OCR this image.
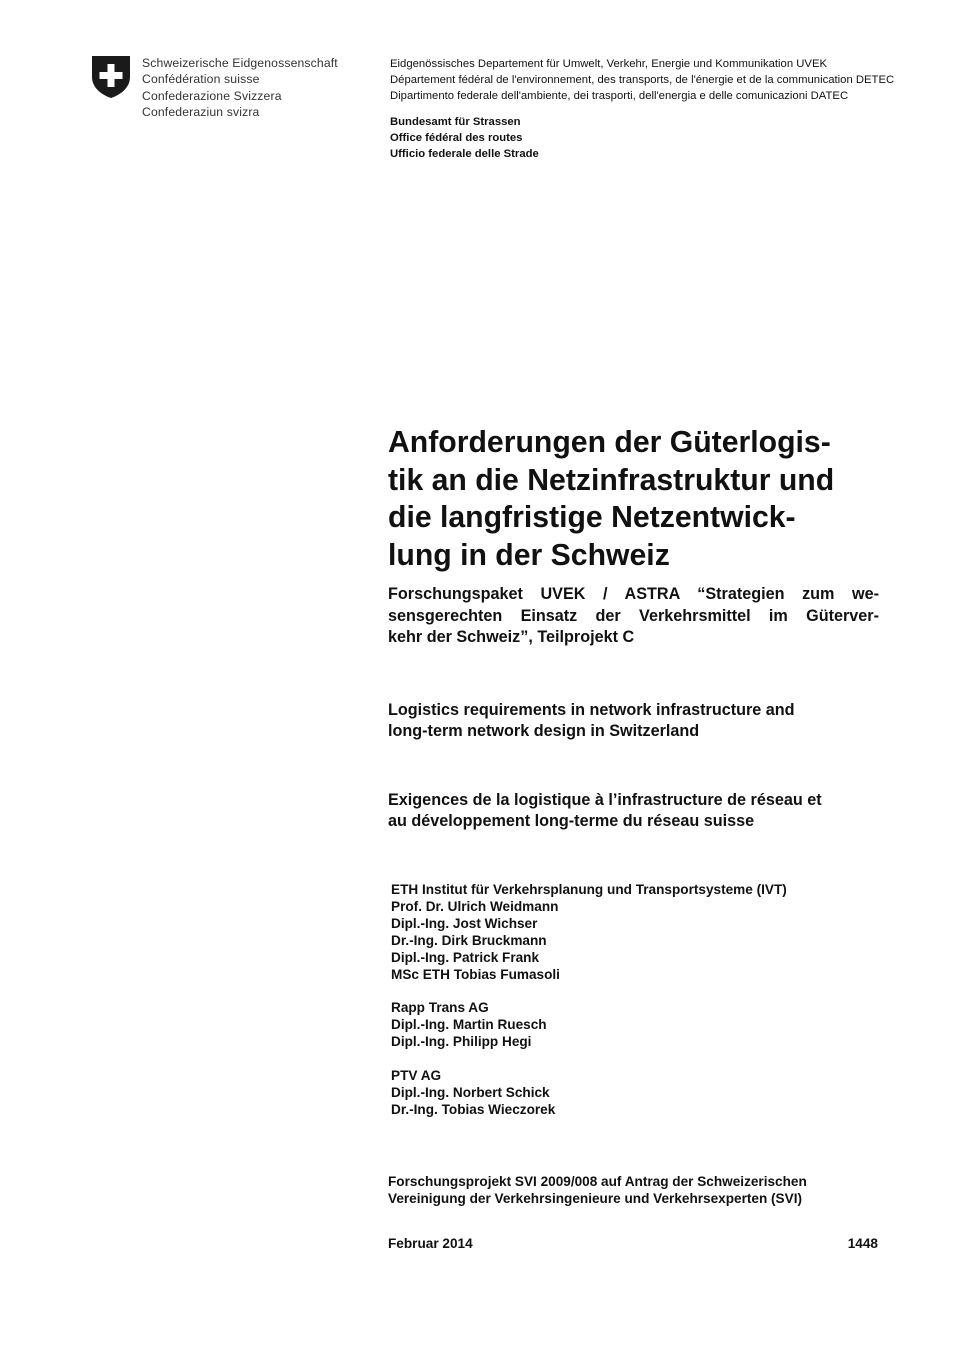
Schweizerische Eidgenossenschaft
Confédération suisse
Confederazione Svizzera
Confederaziun svizra
Eidgenössisches Departement für Umwelt, Verkehr, Energie und Kommunikation UVEK
Département fédéral de l'environnement, des transports, de l'énergie et de la communication DETEC
Dipartimento federale dell'ambiente, dei trasporti, dell'energia e delle comunicazioni DATEC
Bundesamt für Strassen
Office fédéral des routes
Ufficio federale delle Strade
Anforderungen der Güterlogis-
tik an die Netzinfrastruktur und
die langfristige Netzentwick-
lung in der Schweiz
Forschungspaket UVEK / ASTRA “Strategien zum we-
sensgerechten Einsatz der Verkehrsmittel im Güterver-
kehr der Schweiz”, Teilprojekt C
Logistics requirements in network infrastructure and
long-term network design in Switzerland
Exigences de la logistique à l’infrastructure de réseau et
au développement long-terme du réseau suisse
ETH Institut für Verkehrsplanung und Transportsysteme (IVT)
Prof. Dr. Ulrich Weidmann
Dipl.-Ing. Jost Wichser
Dr.-Ing. Dirk Bruckmann
Dipl.-Ing. Patrick Frank
MSc ETH Tobias Fumasoli
Rapp Trans AG
Dipl.-Ing. Martin Ruesch
Dipl.-Ing. Philipp Hegi
PTV AG
Dipl.-Ing. Norbert Schick
Dr.-Ing. Tobias Wieczorek
Forschungsprojekt SVI 2009/008 auf Antrag der Schweizerischen
Vereinigung der Verkehrsingenieure und Verkehrsexperten (SVI)
Februar 2014	1448
